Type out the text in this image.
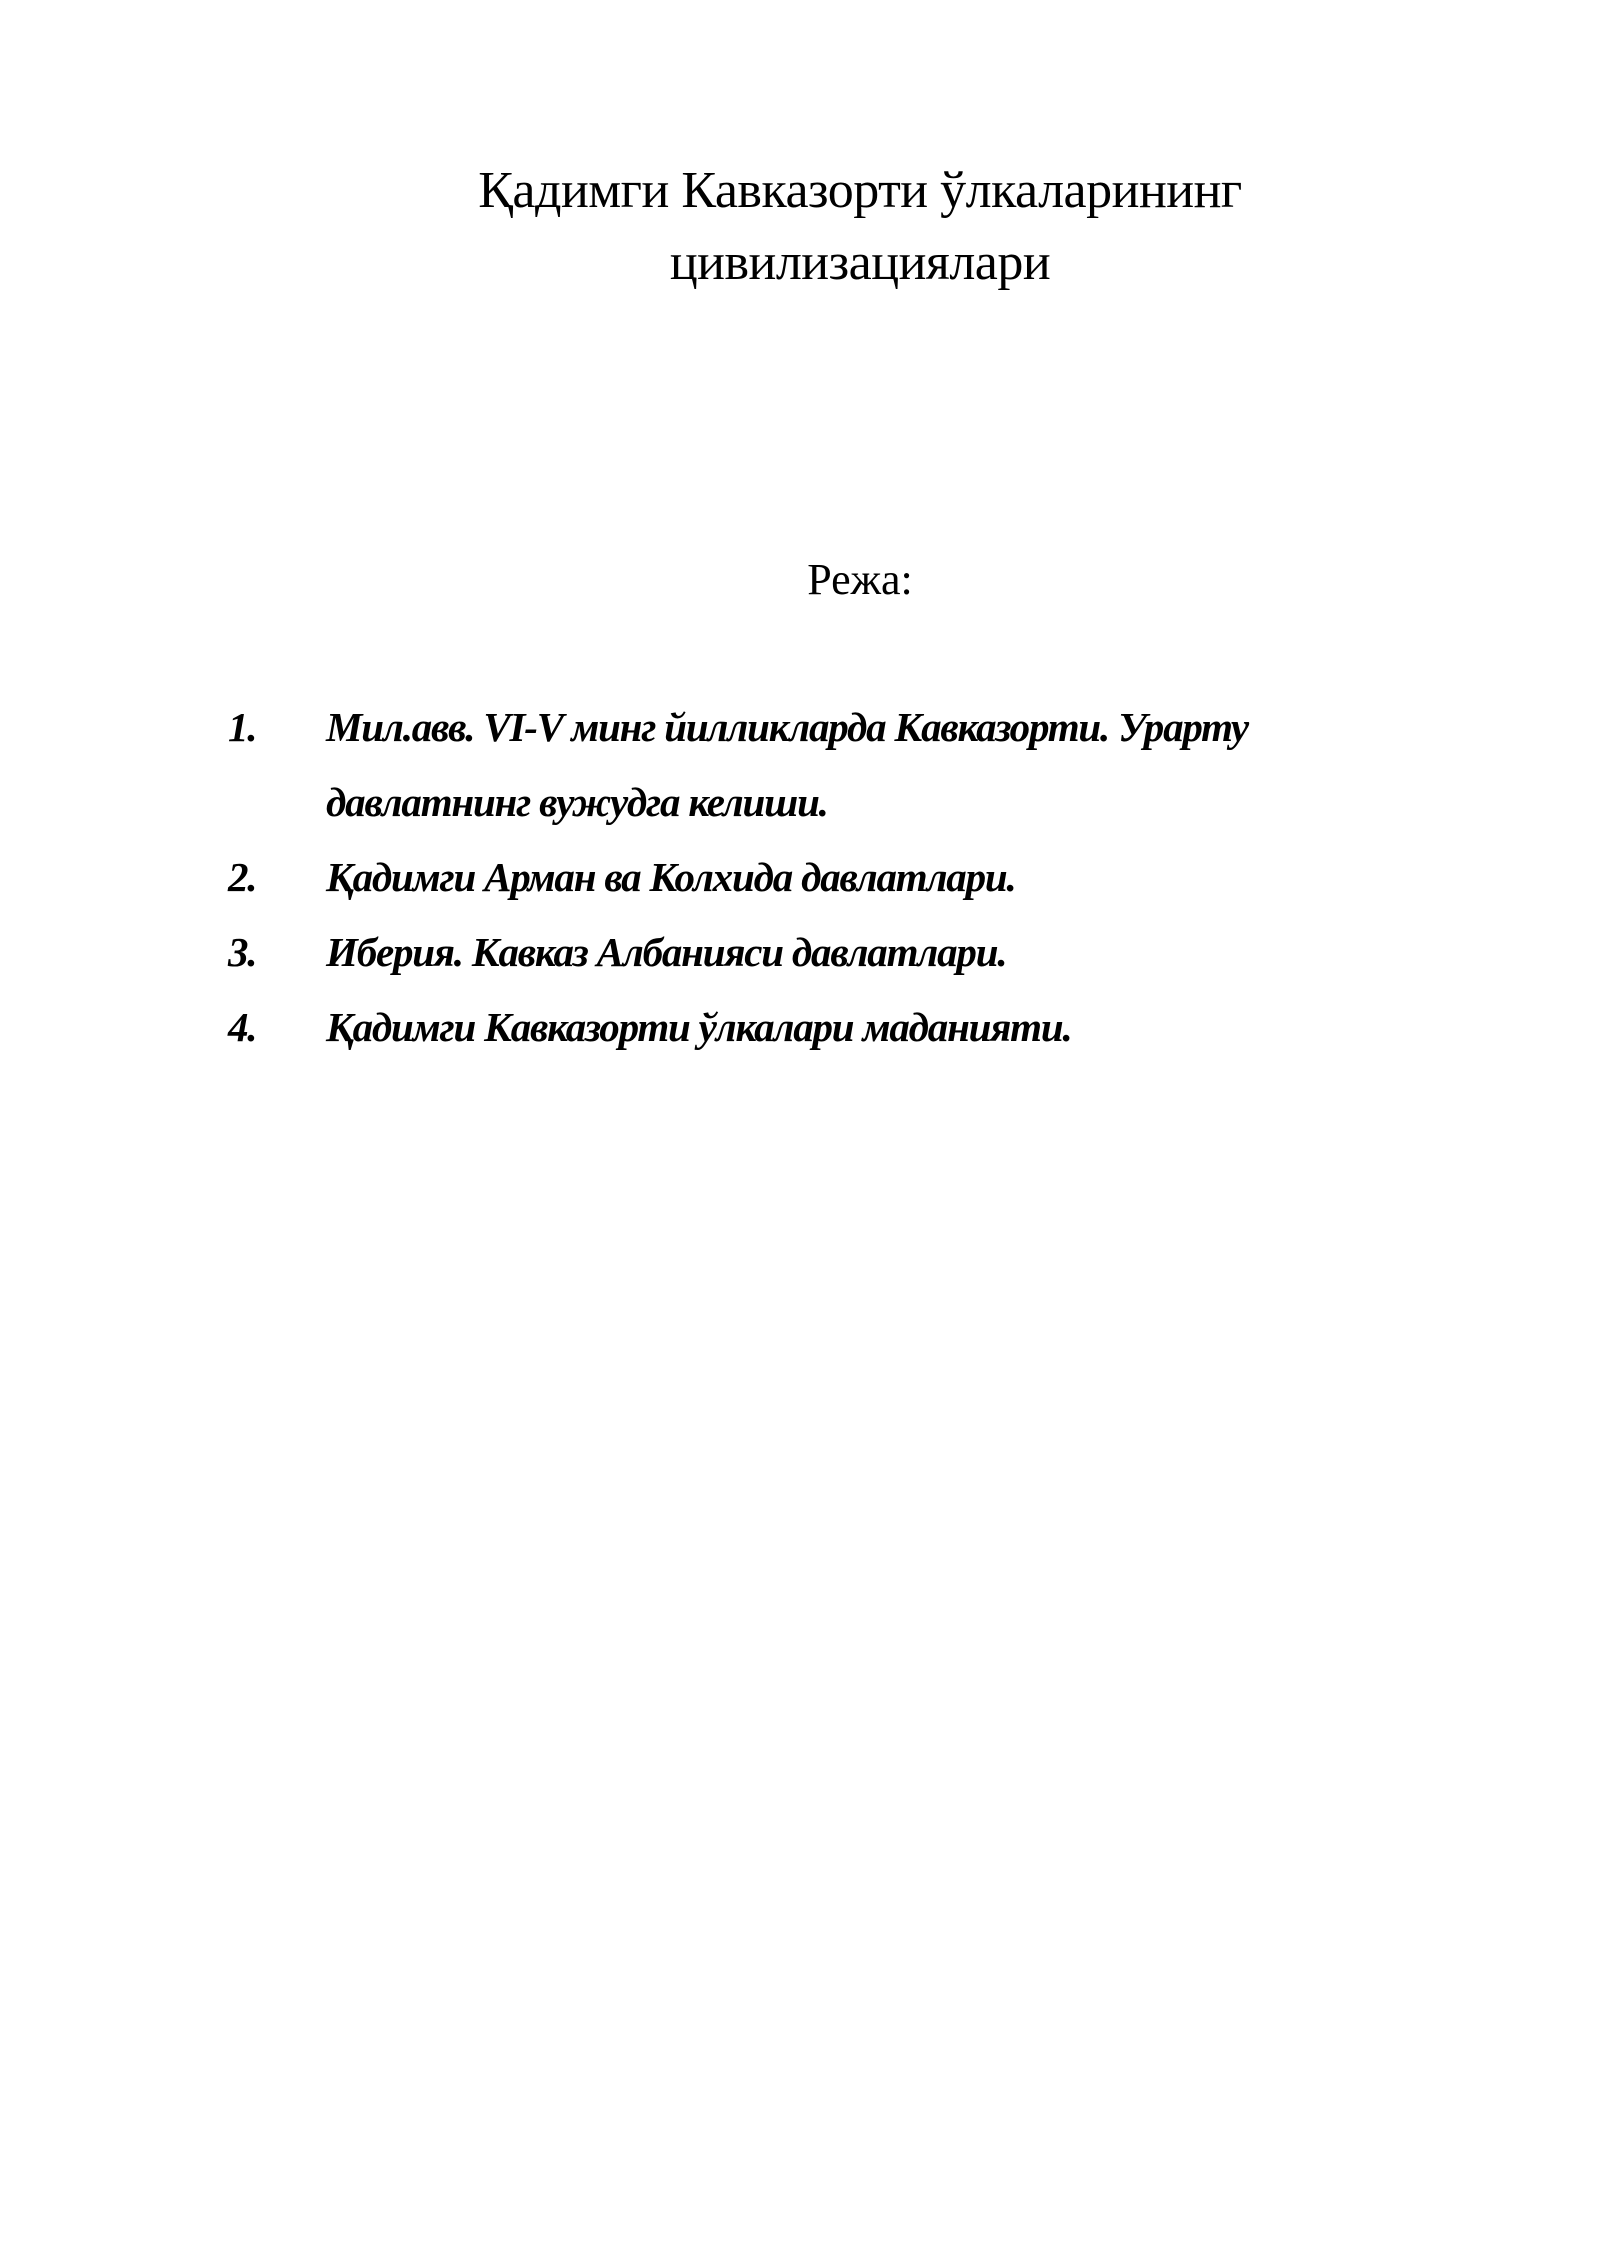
Қадимги Кавказорти ўлкаларининг
цивилизациялари

Режа:

1. Мил.авв. VI-V минг йилликларда Кавказорти. Урарту давлатнинг вужудга келиши.
2. Қадимги Арман ва Колхида давлатлари.
3. Иберия. Кавказ Албанияси давлатлари.
4. Қадимги Кавказорти ўлкалари маданияти.
